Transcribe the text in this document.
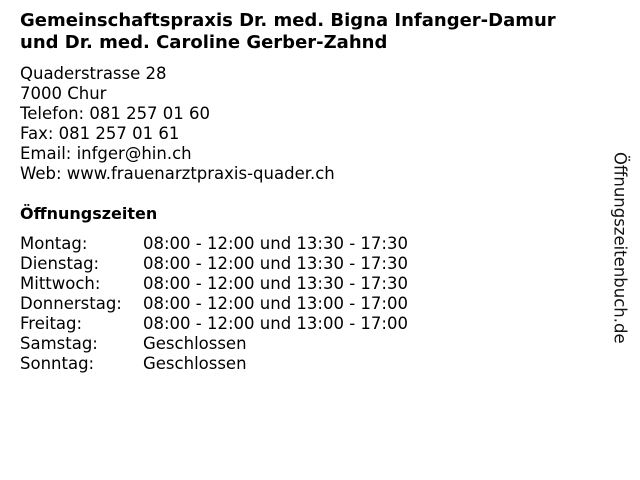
Gemeinschaftspraxis Dr. med. Bigna Infanger-Damur
und Dr. med. Caroline Gerber-Zahnd
Quaderstrasse 28
7000 Chur
Telefon: 081 257 01 60
Fax: 081 257 01 61
Email: infger@hin.ch
Web: www.frauenarztpraxis-quader.ch
Öffnungszeiten
Montag:	08:00 - 12:00 und 13:30 - 17:30
Dienstag:	08:00 - 12:00 und 13:30 - 17:30
Mittwoch:	08:00 - 12:00 und 13:30 - 17:30
Donnerstag:	08:00 - 12:00 und 13:00 - 17:00
Freitag:	08:00 - 12:00 und 13:00 - 17:00
Samstag:	Geschlossen
Sonntag:	Geschlossen
Öffnungszeitenbuch.de
